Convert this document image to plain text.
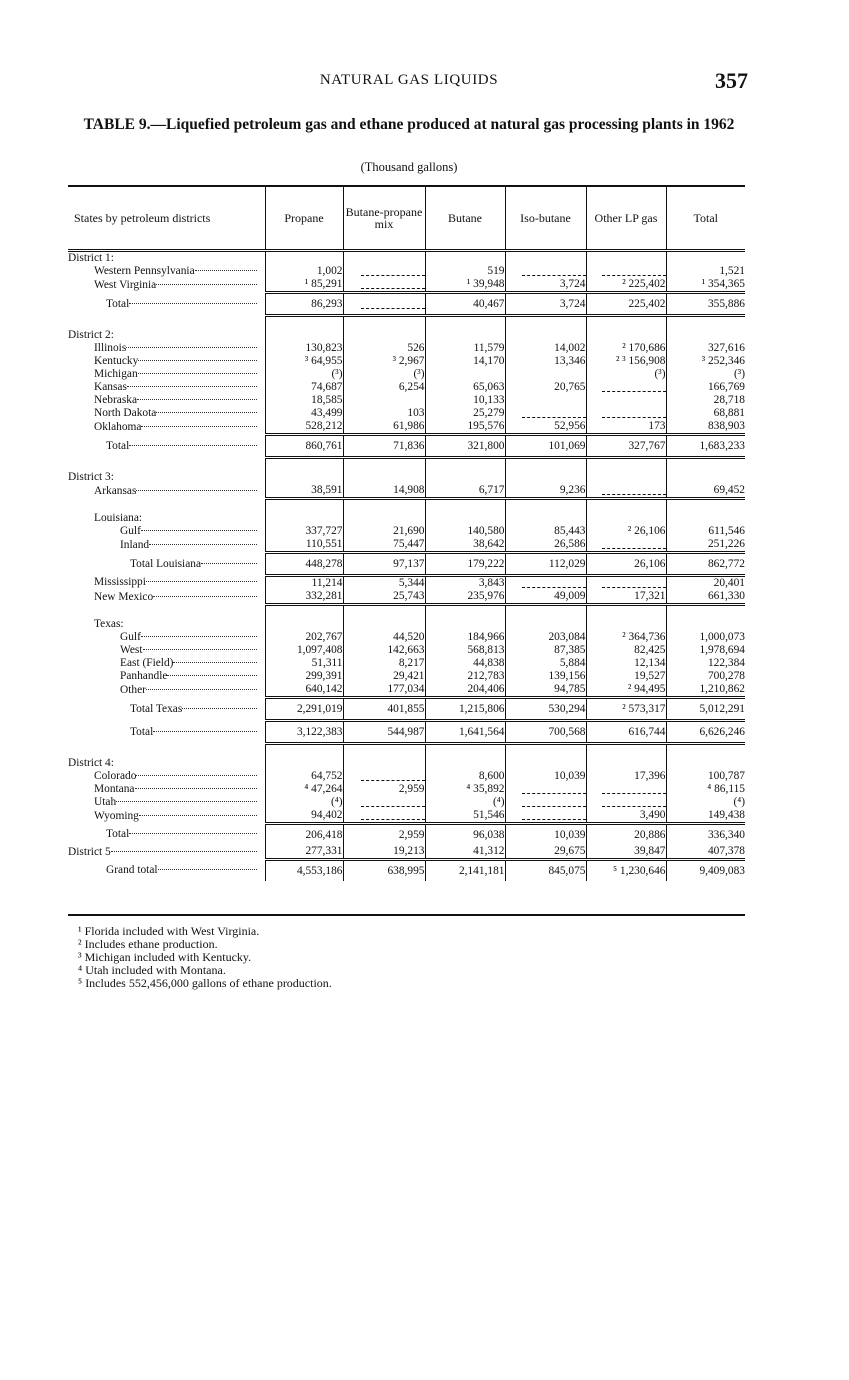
NATURAL GAS LIQUIDS	357
TABLE 9.—Liquefied petroleum gas and ethane produced at natural gas processing plants in 1962
(Thousand gallons)
States by petroleum districts	Propane	Butane-propane mix	Butane	Iso-butane	Other LP gas	Total
District 1:						
Western Pennsylvania	1,002		519			1,521
West Virginia	¹ 85,291		¹ 39,948	3,724	² 225,402	¹ 354,365
Total	86,293		40,467	3,724	225,402	355,886

District 2:						
Illinois	130,823	526	11,579	14,002	² 170,686	327,616
Kentucky	³ 64,955	³ 2,967	14,170	13,346	² ³ 156,908	³ 252,346
Michigan	(³)	(³)			(³)	(³)
Kansas	74,687	6,254	65,063	20,765		166,769
Nebraska	18,585		10,133			28,718
North Dakota	43,499	103	25,279			68,881
Oklahoma	528,212	61,986	195,576	52,956	173	838,903
Total	860,761	71,836	321,800	101,069	327,767	1,683,233

District 3:						
Arkansas	38,591	14,908	6,717	9,236		69,452

Louisiana:						
Gulf	337,727	21,690	140,580	85,443	² 26,106	611,546
Inland	110,551	75,447	38,642	26,586		251,226
Total Louisiana	448,278	97,137	179,222	112,029	26,106	862,772
Mississippi	11,214	5,344	3,843			20,401
New Mexico	332,281	25,743	235,976	49,009	17,321	661,330

Texas:						
Gulf	202,767	44,520	184,966	203,084	² 364,736	1,000,073
West	1,097,408	142,663	568,813	87,385	82,425	1,978,694
East (Field)	51,311	8,217	44,838	5,884	12,134	122,384
Panhandle	299,391	29,421	212,783	139,156	19,527	700,278
Other	640,142	177,034	204,406	94,785	² 94,495	1,210,862
Total Texas	2,291,019	401,855	1,215,806	530,294	² 573,317	5,012,291
Total	3,122,383	544,987	1,641,564	700,568	616,744	6,626,246

District 4:						
Colorado	64,752		8,600	10,039	17,396	100,787
Montana	⁴ 47,264	2,959	⁴ 35,892			⁴ 86,115
Utah	(⁴)		(⁴)			(⁴)
Wyoming	94,402		51,546		3,490	149,438
Total	206,418	2,959	96,038	10,039	20,886	336,340
District 5	277,331	19,213	41,312	29,675	39,847	407,378
Grand total	4,553,186	638,995	2,141,181	845,075	⁵ 1,230,646	9,409,083
¹ Florida included with West Virginia.
² Includes ethane production.
³ Michigan included with Kentucky.
⁴ Utah included with Montana.
⁵ Includes 552,456,000 gallons of ethane production.
